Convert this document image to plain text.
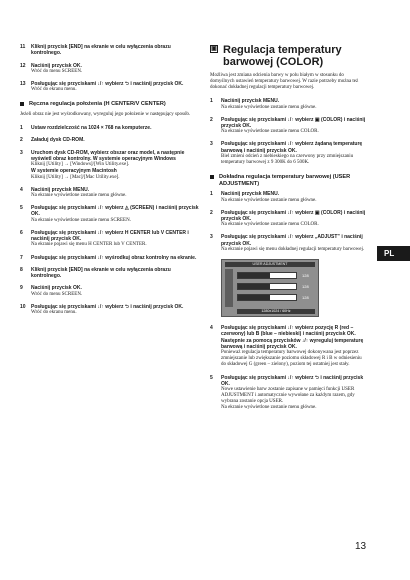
11 Kliknij przycisk [END] na ekranie w celu wyłączenia obrazu kontrolnego.
12 Naciśnij przycisk OK.
Wróć do menu SCREEN.
13 Posługując się przyciskami ↓/↑ wybierz ⮌ i naciśnij przycisk OK.
Wróć do ekranu menu.
Ręczna regulacja położenia (H CENTER/V CENTER)
Jeżeli obraz nie jest wyśrodkowany, wyreguluj jego położenie w następujący sposób.
1 Ustaw rozdzielczość na 1024 × 768 na komputerze.
2 Załaduj dysk CD-ROM.
3 Uruchom dysk CD-ROM, wybierz obszar oraz model, a następnie wyświetl obraz kontrolny. W systemie operacyjnym Windows
Kliknij [Utility] → [Windows]/[Win Utility.exe].
W systemie operacyjnym Macintosh
Kliknij [Utility] → [Mac]/[Mac Utility.exe].
4 Naciśnij przycisk MENU.
Na ekranie wyświetlone zostanie menu główne.
5 Posługując się przyciskami ↓/↑ wybierz ◬ (SCREEN) i naciśnij przycisk OK.
Na ekranie wyświetlone zostanie menu SCREEN.
6 Posługując się przyciskami ↓/↑ wybierz H CENTER lub V CENTER i naciśnij przycisk OK.
Na ekranie pojawi się menu H CENTER lub V CENTER.
7 Posługując się przyciskami ↓/↑ wyśrodkuj obraz kontrolny na ekranie.
8 Kliknij przycisk [END] na ekranie w celu wyłączenia obrazu kontrolnego.
9 Naciśnij przycisk OK.
Wróć do menu SCREEN.
10 Posługując się przyciskami ↓/↑ wybierz ⮌ i naciśnij przycisk OK.
Wróć do ekranu menu.
▣ Regulacja temperatury barwowej (COLOR)
Możliwa jest zmiana odcienia barwy w polu białym w stosunku do domyślnych ustawień temperatury barwowej. W razie potrzeby można też dokonać dokładnej regulacji temperatury barwowej.
1 Naciśnij przycisk MENU.
Na ekranie wyświetlone zostanie menu główne.
2 Posługując się przyciskami ↓/↑ wybierz ▣ (COLOR) i naciśnij przycisk OK.
Na ekranie wyświetlone zostanie menu COLOR.
3 Posługując się przyciskami ↓/↑ wybierz żądaną temperaturę barwową i naciśnij przycisk OK.
Biel zmieni odcień z niebieskiego na czerwony przy zmniejszaniu temperatury barwowej z 9 300K do 6 500K.
Dokładna regulacja temperatury barwowej (USER ADJUSTMENT)
1 Naciśnij przycisk MENU.
Na ekranie wyświetlone zostanie menu główne.
2 Posługując się przyciskami ↓/↑ wybierz ▣ (COLOR) i naciśnij przycisk OK.
Na ekranie wyświetlone zostanie menu COLOR.
3 Posługując się przyciskami ↓/↑ wybierz „ADJUST” i naciśnij przycisk OK.
Na ekranie pojawi się menu dokładnej regulacji temperatury barwowej.
USER ADJUSTMENT
128
128
128
1280x1024 / 60Hz
4 Posługując się przyciskami ↓/↑ wybierz pozycję R (red – czerwony) lub B (blue – niebieski) i naciśnij przycisk OK. Następnie za pomocą przycisków ↓/↑ wyreguluj temperaturę barwową i naciśnij przycisk OK.
Ponieważ regulacja temperatury barwowej dokonywana jest poprzez zmniejszanie lub zwiększanie poziomu składowej R i B w odniesieniu do składowej G (green – zielony), poziom tej ostatniej jest stały.
5 Posługując się przyciskami ↓/↑ wybierz ⮌ i naciśnij przycisk OK.
Nowe ustawienie barw zostanie zapisane w pamięci funkcji USER ADJUSTMENT i automatycznie wywołane za każdym razem, gdy wybrana zostanie opcja USER.
Na ekranie wyświetlone zostanie menu główne.
PL
13
